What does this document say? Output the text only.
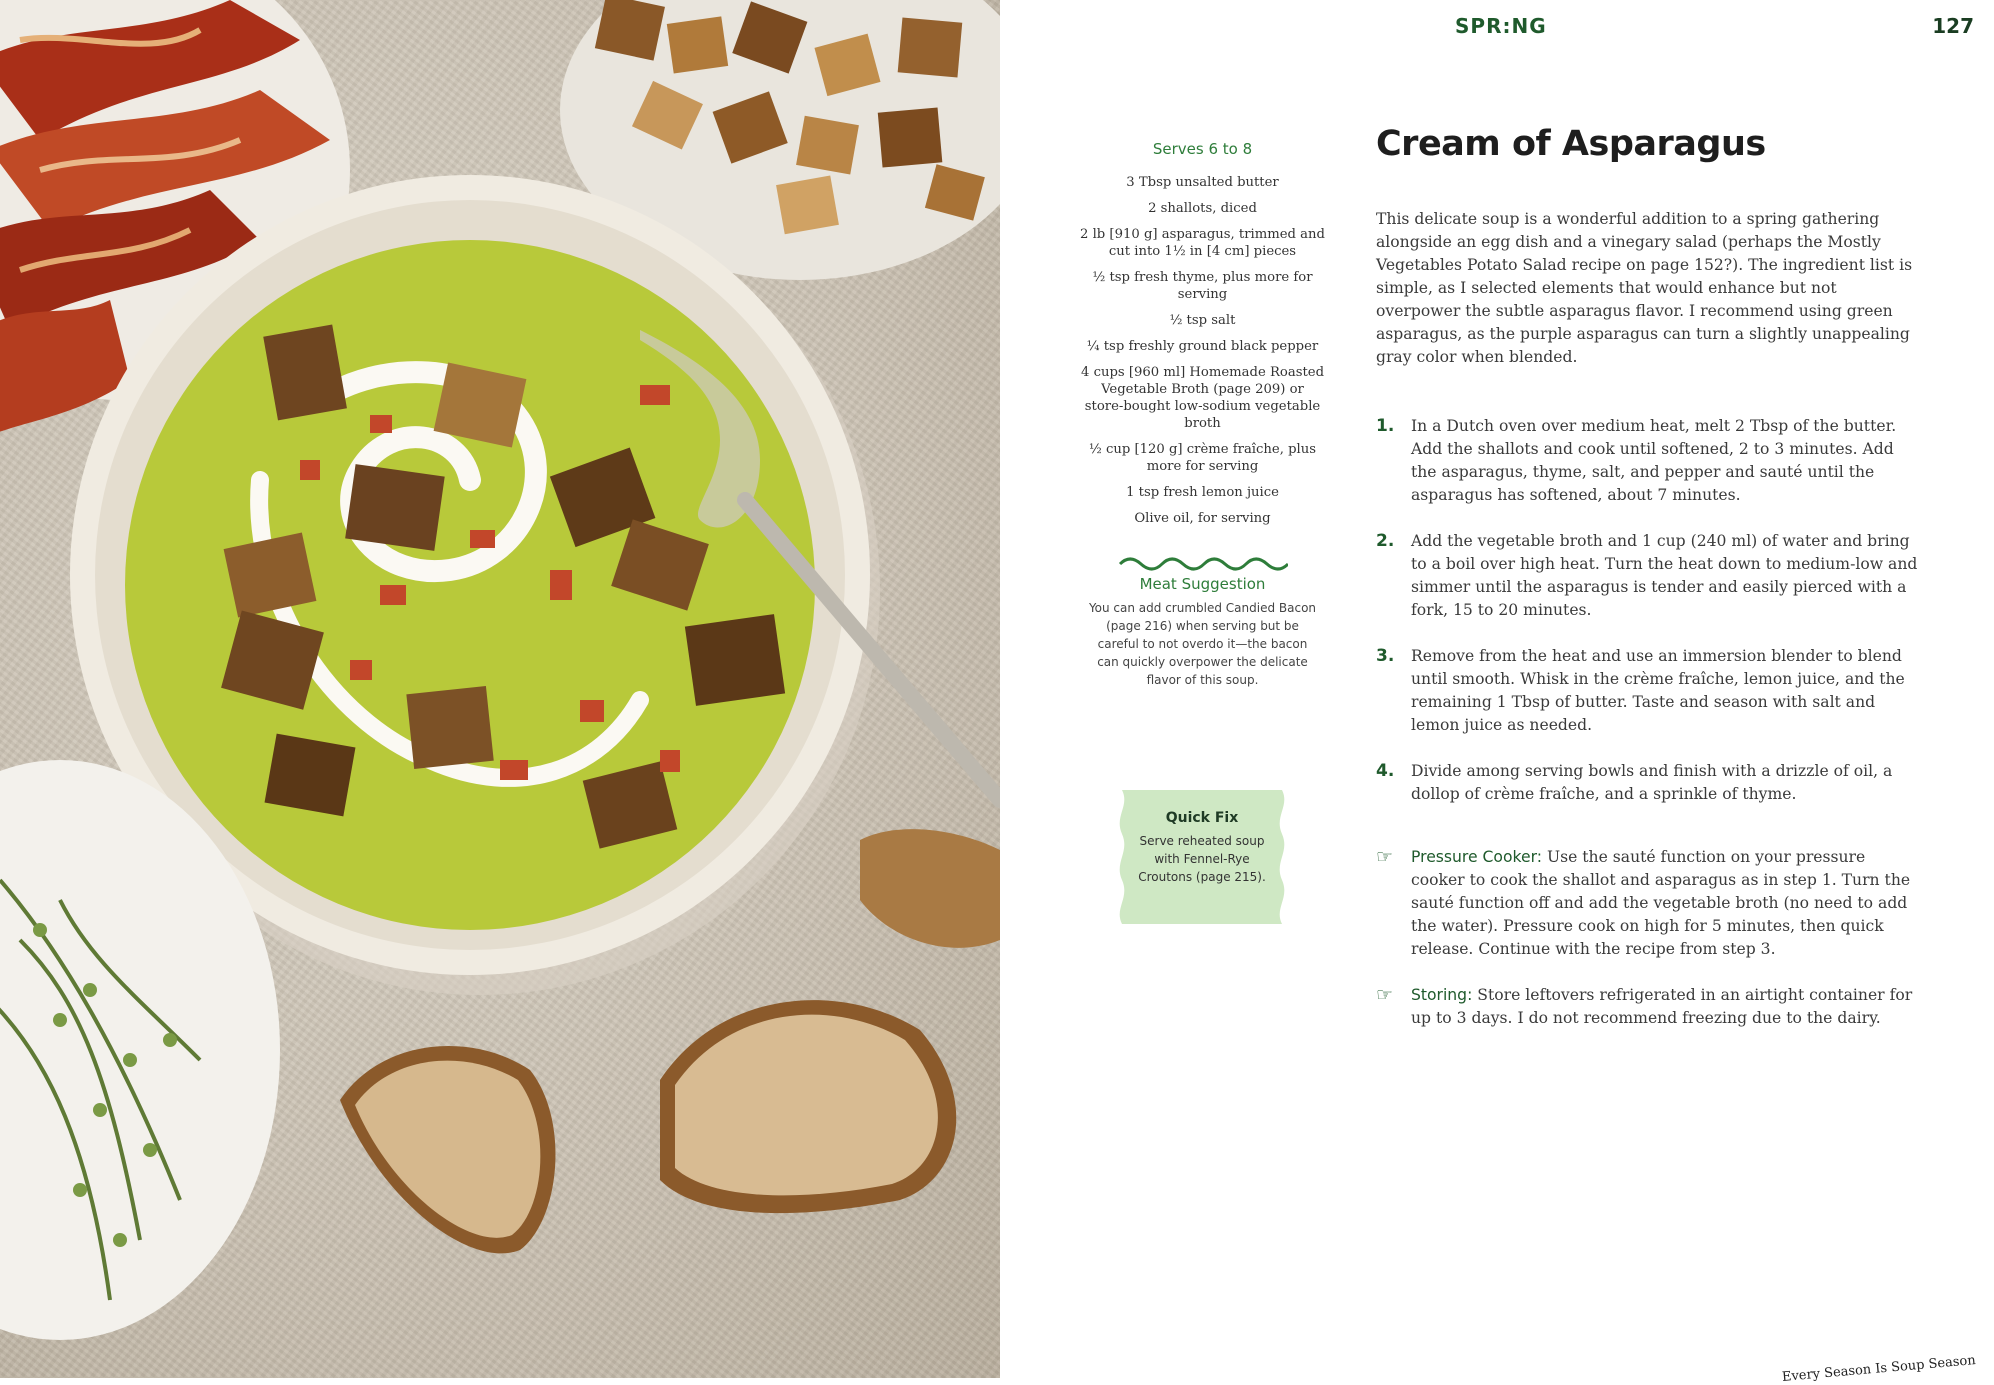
SPR:NG	127
Serves 6 to 8
3 Tbsp unsalted butter
2 shallots, diced
2 lb [910 g] asparagus, trimmed and cut into 1½ in [4 cm] pieces
½ tsp fresh thyme, plus more for serving
½ tsp salt
¼ tsp freshly ground black pepper
4 cups [960 ml] Homemade Roasted Vegetable Broth (page 209) or store-bought low-sodium vegetable broth
½ cup [120 g] crème fraîche, plus more for serving
1 tsp fresh lemon juice
Olive oil, for serving
Meat Suggestion
You can add crumbled Candied Bacon (page 216) when serving but be careful to not overdo it—the bacon can quickly overpower the delicate flavor of this soup.
Quick Fix
Serve reheated soup with Fennel-Rye Croutons (page 215).
Cream of Asparagus

This delicate soup is a wonderful addition to a spring gathering alongside an egg dish and a vinegary salad (perhaps the Mostly Vegetables Potato Salad recipe on page 152?). The ingredient list is simple, as I selected elements that would enhance but not overpower the subtle asparagus flavor. I recommend using green asparagus, as the purple asparagus can turn a slightly unappealing gray color when blended.

1. In a Dutch oven over medium heat, melt 2 Tbsp of the butter. Add the shallots and cook until softened, 2 to 3 minutes. Add the asparagus, thyme, salt, and pepper and sauté until the asparagus has softened, about 7 minutes.
2. Add the vegetable broth and 1 cup (240 ml) of water and bring to a boil over high heat. Turn the heat down to medium-low and simmer until the asparagus is tender and easily pierced with a fork, 15 to 20 minutes.
3. Remove from the heat and use an immersion blender to blend until smooth. Whisk in the crème fraîche, lemon juice, and the remaining 1 Tbsp of butter. Taste and season with salt and lemon juice as needed.
4. Divide among serving bowls and finish with a drizzle of oil, a dollop of crème fraîche, and a sprinkle of thyme.
☞ Pressure Cooker: Use the sauté function on your pressure cooker to cook the shallot and asparagus as in step 1. Turn the sauté function off and add the vegetable broth (no need to add the water). Pressure cook on high for 5 minutes, then quick release. Continue with the recipe from step 3.
☞ Storing: Store leftovers refrigerated in an airtight container for up to 3 days. I do not recommend freezing due to the dairy.
Every Season Is Soup Season
